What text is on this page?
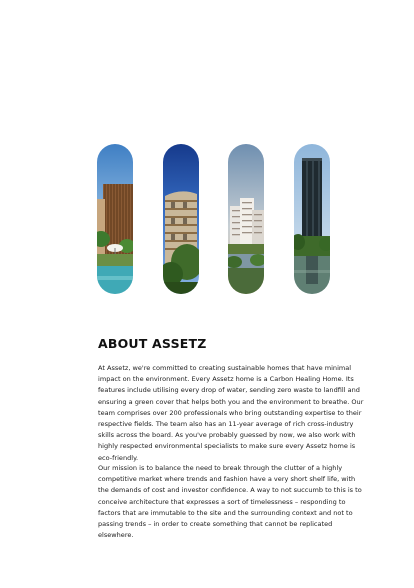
ABOUT ASSETZ

At Assetz, we're committed to creating sustainable homes that have minimal impact on the environment. Every Assetz home is a Carbon Healing Home. Its features include utilising every drop of water, sending zero waste to landfill and ensuring a green cover that helps both you and the environment to breathe. Our team comprises over 200 professionals who bring outstanding expertise to their respective fields. The team also has an 11-year average of rich cross-industry skills across the board. As you've probably guessed by now, we also work with highly respected environmental specialists to make sure every Assetz home is eco-friendly.

Our mission is to balance the need to break through the clutter of a highly competitive market where trends and fashion have a very short shelf life, with the demands of cost and investor confidence. A way to not succumb to this is to conceive architecture that expresses a sort of timelessness – responding to factors that are immutable to the site and the surrounding context and not to passing trends – in order to create something that cannot be replicated elsewhere.
